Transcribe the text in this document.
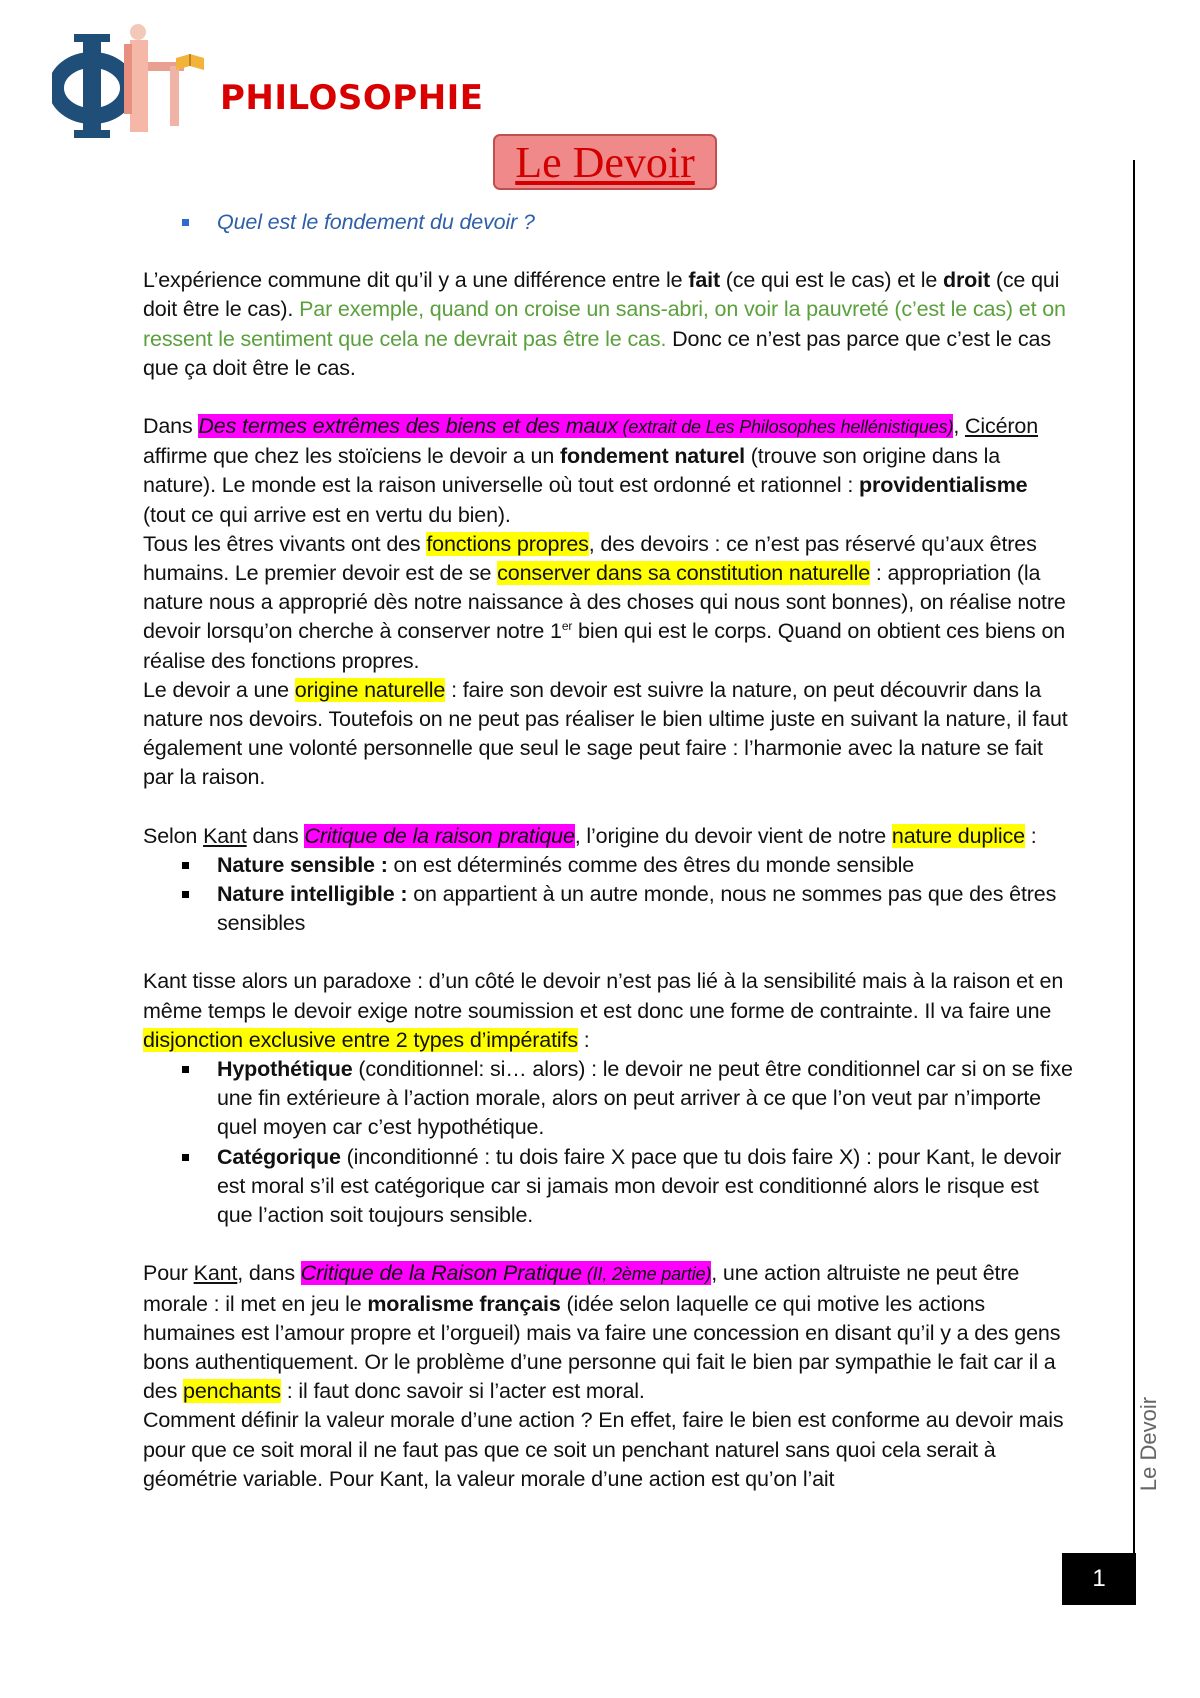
PHILOSOPHIE
Le Devoir
Le Devoir
1

Quel est le fondement du devoir ?

L’expérience commune dit qu’il y a une différence entre le fait (ce qui est le cas) et le droit (ce qui doit être le cas). Par exemple, quand on croise un sans-abri, on voir la pauvreté (c’est le cas) et on ressent le sentiment que cela ne devrait pas être le cas. Donc ce n’est pas parce que c’est le cas que ça doit être le cas.

Dans Des termes extrêmes des biens et des maux (extrait de Les Philosophes hellénistiques), Cicéron affirme que chez les stoïciens le devoir a un fondement naturel (trouve son origine dans la nature). Le monde est la raison universelle où tout est ordonné et rationnel : providentialisme (tout ce qui arrive est en vertu du bien).

Tous les êtres vivants ont des fonctions propres, des devoirs : ce n’est pas réservé qu’aux êtres humains. Le premier devoir est de se conserver dans sa constitution naturelle : appropriation (la nature nous a approprié dès notre naissance à des choses qui nous sont bonnes), on réalise notre devoir lorsqu’on cherche à conserver notre 1er bien qui est le corps. Quand on obtient ces biens on réalise des fonctions propres.

Le devoir a une origine naturelle : faire son devoir est suivre la nature, on peut découvrir dans la nature nos devoirs. Toutefois on ne peut pas réaliser le bien ultime juste en suivant la nature, il faut également une volonté personnelle que seul le sage peut faire : l’harmonie avec la nature se fait par la raison.

Selon Kant dans Critique de la raison pratique, l’origine du devoir vient de notre nature duplice :

Nature sensible : on est déterminés comme des êtres du monde sensible
Nature intelligible : on appartient à un autre monde, nous ne sommes pas que des êtres sensibles

Kant tisse alors un paradoxe : d’un côté le devoir n’est pas lié à la sensibilité mais à la raison et en même temps le devoir exige notre soumission et est donc une forme de contrainte. Il va faire une disjonction exclusive entre 2 types d’impératifs :

Hypothétique (conditionnel: si… alors) : le devoir ne peut être conditionnel car si on se fixe une fin extérieure à l’action morale, alors on peut arriver à ce que l’on veut par n’importe quel moyen car c’est hypothétique.
Catégorique (inconditionné : tu dois faire X pace que tu dois faire X) : pour Kant, le devoir est moral s’il est catégorique car si jamais mon devoir est conditionné alors le risque est que l’action soit toujours sensible.

Pour Kant, dans Critique de la Raison Pratique (II, 2ème partie), une action altruiste ne peut être morale : il met en jeu le moralisme français (idée selon laquelle ce qui motive les actions humaines est l’amour propre et l’orgueil) mais va faire une concession en disant qu’il y a des gens bons authentiquement. Or le problème d’une personne qui fait le bien par sympathie le fait car il a des penchants : il faut donc savoir si l’acter est moral.

Comment définir la valeur morale d’une action ? En effet, faire le bien est conforme au devoir mais pour que ce soit moral il ne faut pas que ce soit un penchant naturel sans quoi cela serait à géométrie variable. Pour Kant, la valeur morale d’une action est qu’on l’ait
